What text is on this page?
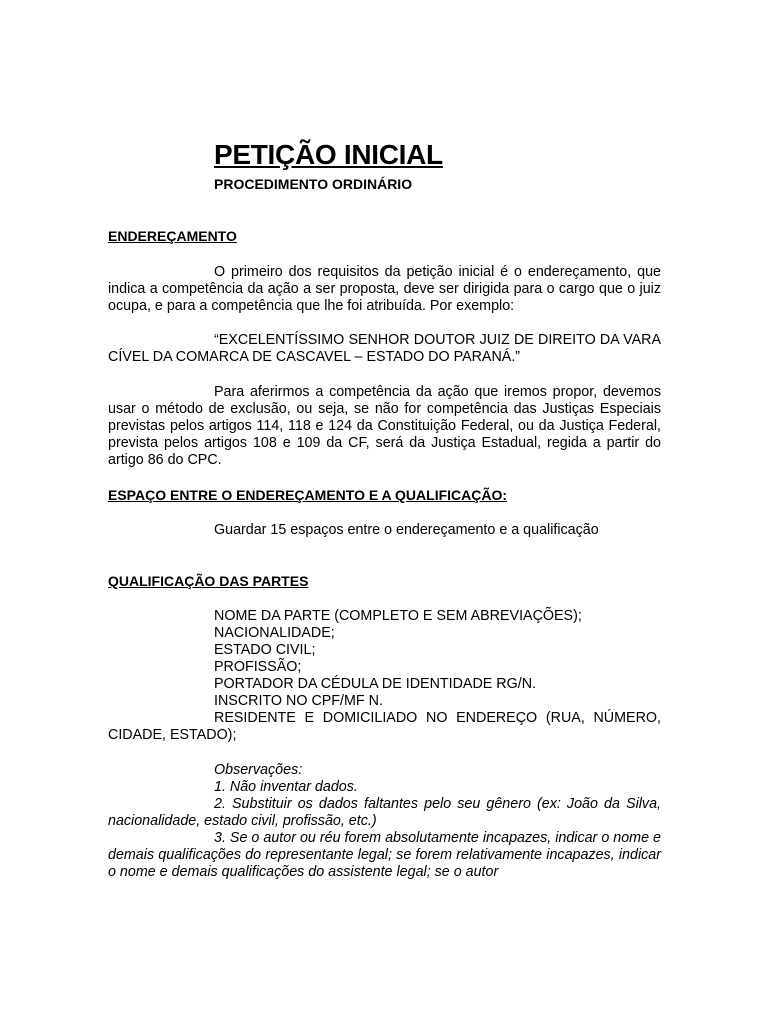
PETIÇÃO INICIAL
PROCEDIMENTO ORDINÁRIO
ENDEREÇAMENTO

O primeiro dos requisitos da petição inicial é o endereçamento, que indica a competência da ação a ser proposta, deve ser dirigida para o cargo que o juiz ocupa, e para a competência que lhe foi atribuída. Por exemplo:

“EXCELENTÍSSIMO SENHOR DOUTOR JUIZ DE DIREITO DA VARA CÍVEL DA COMARCA DE CASCAVEL – ESTADO DO PARANÁ.”

Para aferirmos a competência da ação que iremos propor, devemos usar o método de exclusão, ou seja, se não for competência das Justiças Especiais previstas pelos artigos 114, 118 e 124 da Constituição Federal, ou da Justiça Federal, prevista pelos artigos 108 e 109 da CF, será da Justiça Estadual, regida a partir do artigo 86 do CPC.

ESPAÇO ENTRE O ENDEREÇAMENTO E A QUALIFICAÇÃO:
Guardar 15 espaços entre o endereçamento e a qualificação
QUALIFICAÇÃO DAS PARTES
NOME DA PARTE (COMPLETO E SEM ABREVIAÇÕES);
NACIONALIDADE;
ESTADO CIVIL;
PROFISSÃO;
PORTADOR DA CÉDULA DE IDENTIDADE RG/N.
INSCRITO NO CPF/MF N.

RESIDENTE E DOMICILIADO NO ENDEREÇO (RUA, NÚMERO, CIDADE, ESTADO);

Observações:
1. Não inventar dados.

2. Substituir os dados faltantes pelo seu gênero (ex: João da Silva, nacionalidade, estado civil, profissão, etc.)

3. Se o autor ou réu forem absolutamente incapazes, indicar o nome e demais qualificações do representante legal; se forem relativamente incapazes, indicar o nome e demais qualificações do assistente legal; se o autor
